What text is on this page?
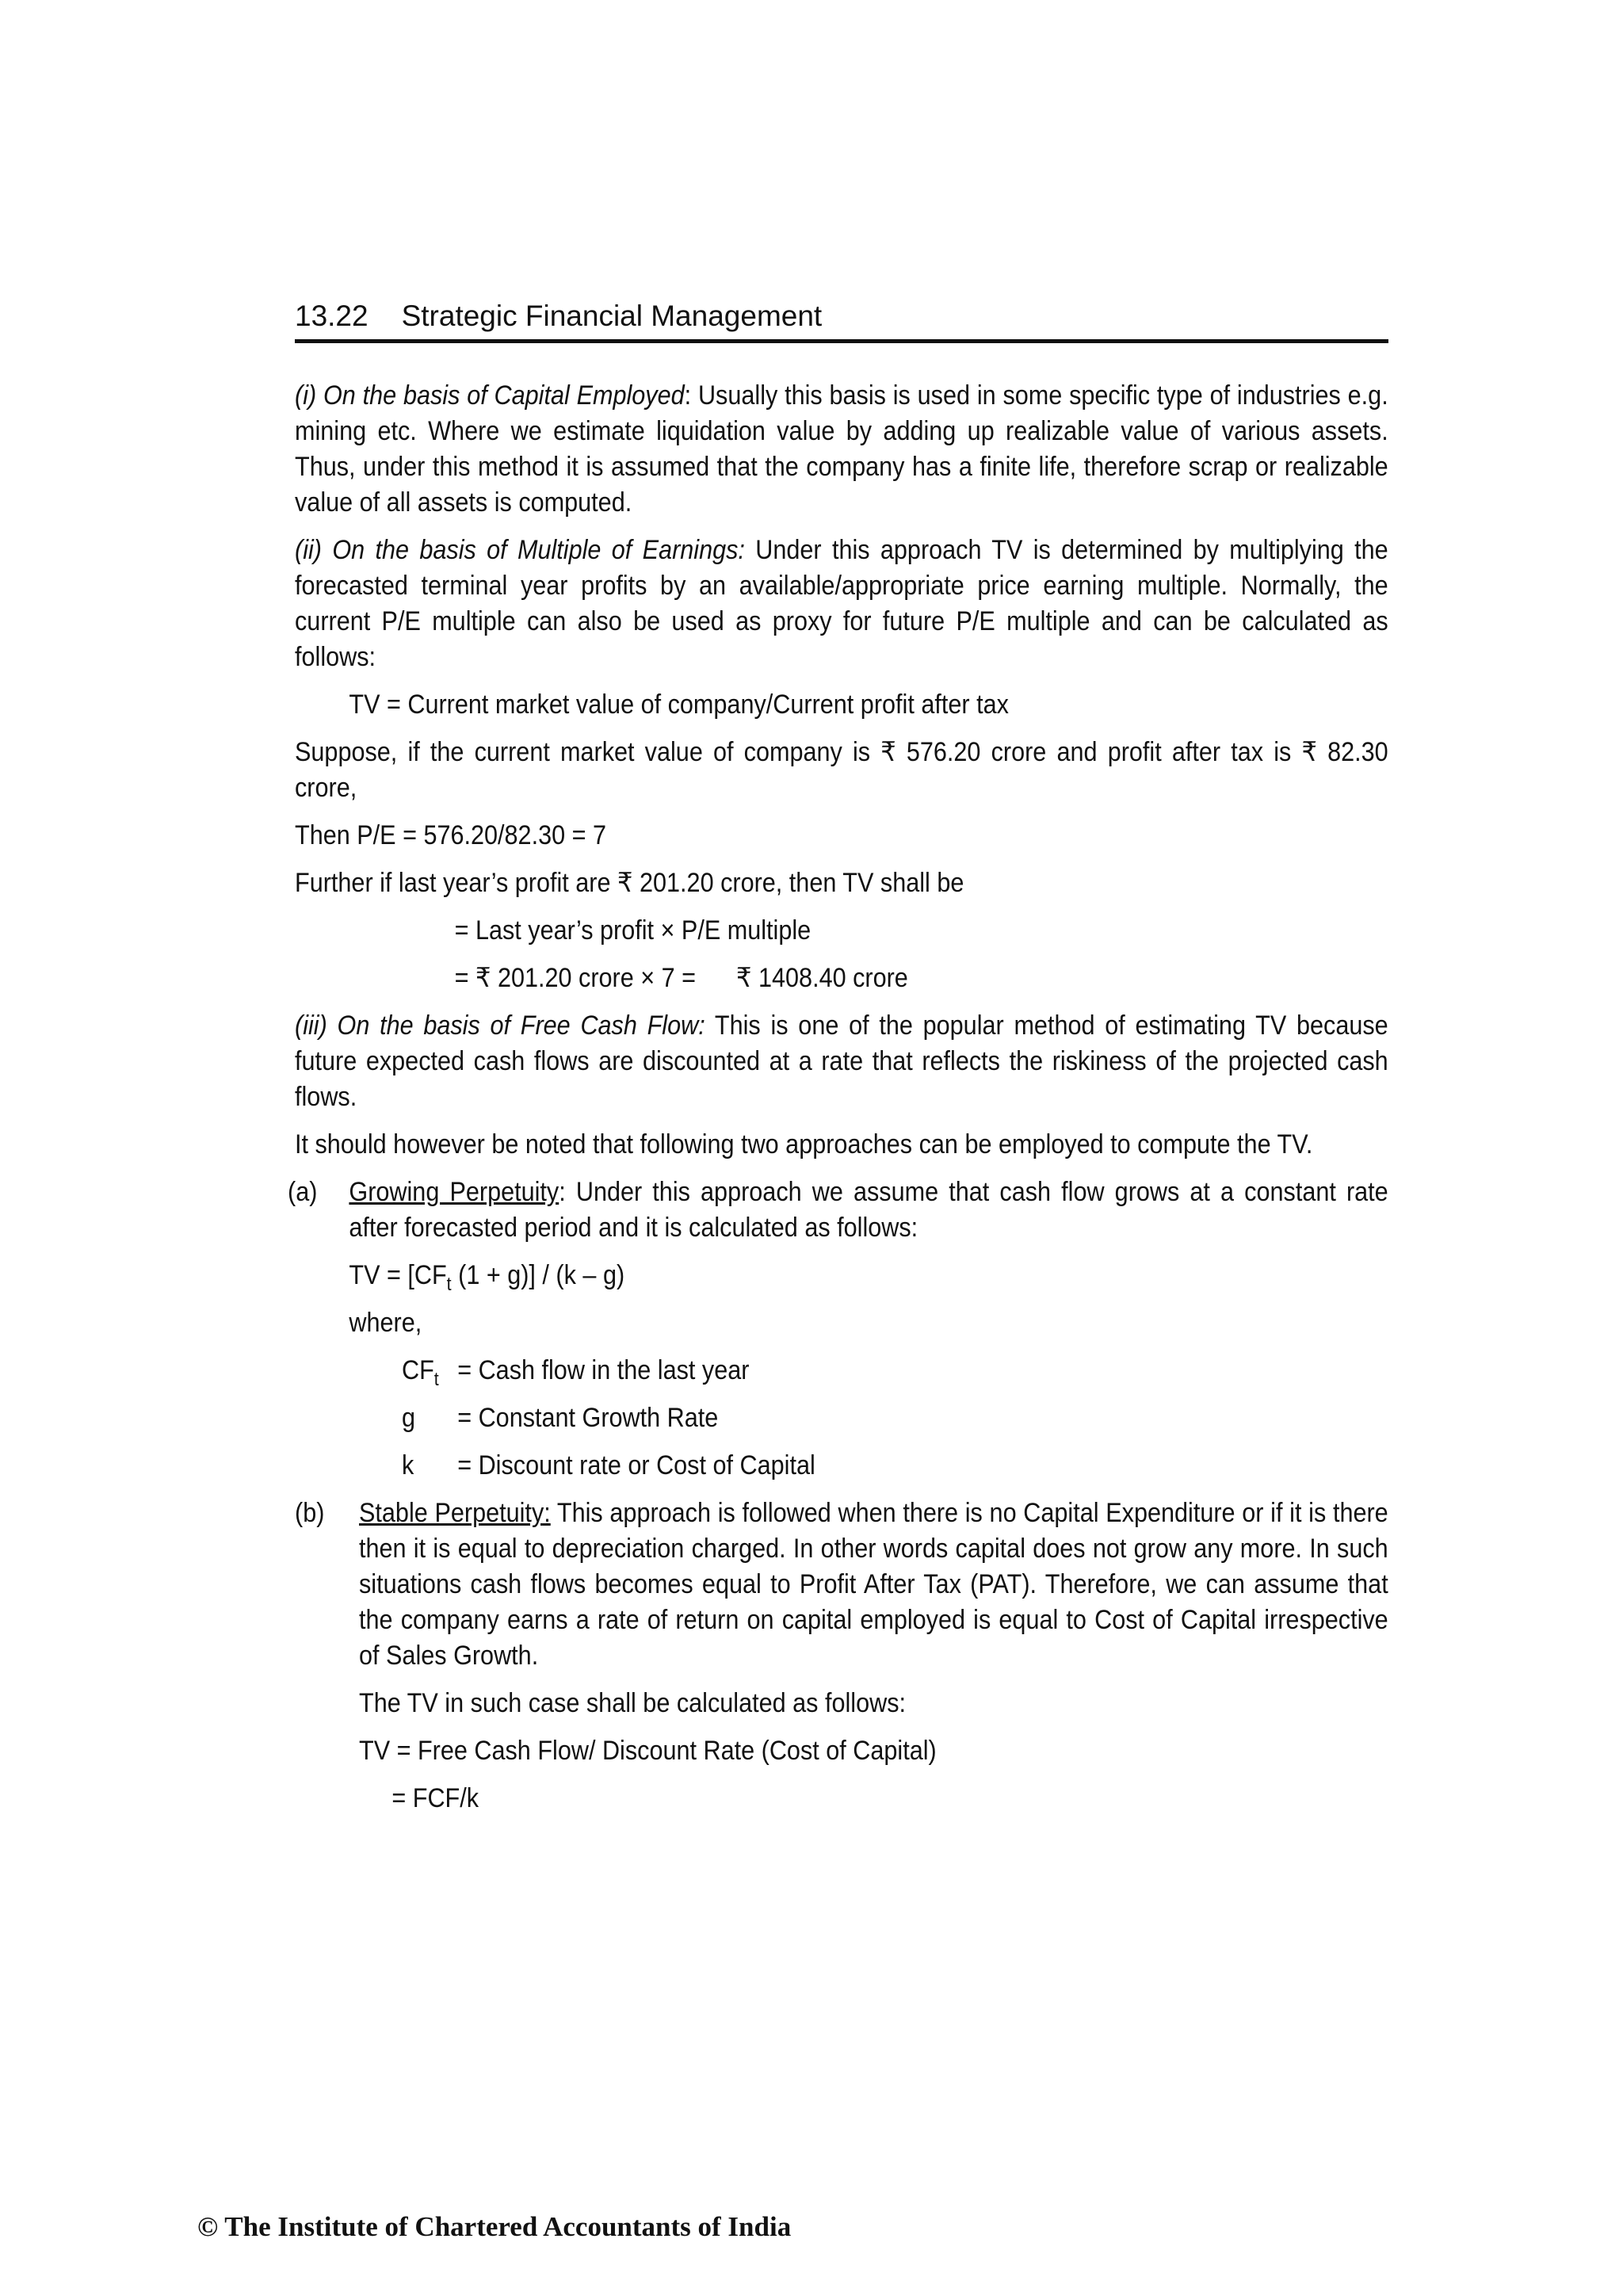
13.22 Strategic Financial Management

(i) On the basis of Capital Employed: Usually this basis is used in some specific type of industries e.g. mining etc. Where we estimate liquidation value by adding up realizable value of various assets. Thus, under this method it is assumed that the company has a finite life, therefore scrap or realizable value of all assets is computed.

(ii) On the basis of Multiple of Earnings: Under this approach TV is determined by multiplying the forecasted terminal year profits by an available/appropriate price earning multiple. Normally, the current P/E multiple can also be used as proxy for future P/E multiple and can be calculated as follows:

TV = Current market value of company/Current profit after tax

Suppose, if the current market value of company is ₹ 576.20 crore and profit after tax is ₹ 82.30 crore,

Then P/E = 576.20/82.30 = 7
Further if last year’s profit are ₹ 201.20 crore, then TV shall be
= Last year’s profit × P/E multiple
= ₹ 201.20 crore × 7 =      ₹ 1408.40 crore

(iii) On the basis of Free Cash Flow: This is one of the popular method of estimating TV because future expected cash flows are discounted at a rate that reflects the riskiness of the projected cash flows.

It should however be noted that following two approaches can be employed to compute the TV.

(a) Growing Perpetuity: Under this approach we assume that cash flow grows at a constant rate after forecasted period and it is calculated as follows:

TV = [$CF_t$ (1 + g)] / (k – g)
where,
$CF_t$ = Cash flow in the last year
g	= Constant Growth Rate
k	= Discount rate or Cost of Capital
(b) Stable Perpetuity: This approach is followed when there is no Capital Expenditure or if it is there then it is equal to depreciation charged. In other words capital does not grow any more. In such situations cash flows becomes equal to Profit After Tax (PAT). Therefore, we can assume that the company earns a rate of return on capital employed is equal to Cost of Capital irrespective of Sales Growth.

The TV in such case shall be calculated as follows:
TV = Free Cash Flow/ Discount Rate (Cost of Capital)
= FCF/k
© The Institute of Chartered Accountants of India
